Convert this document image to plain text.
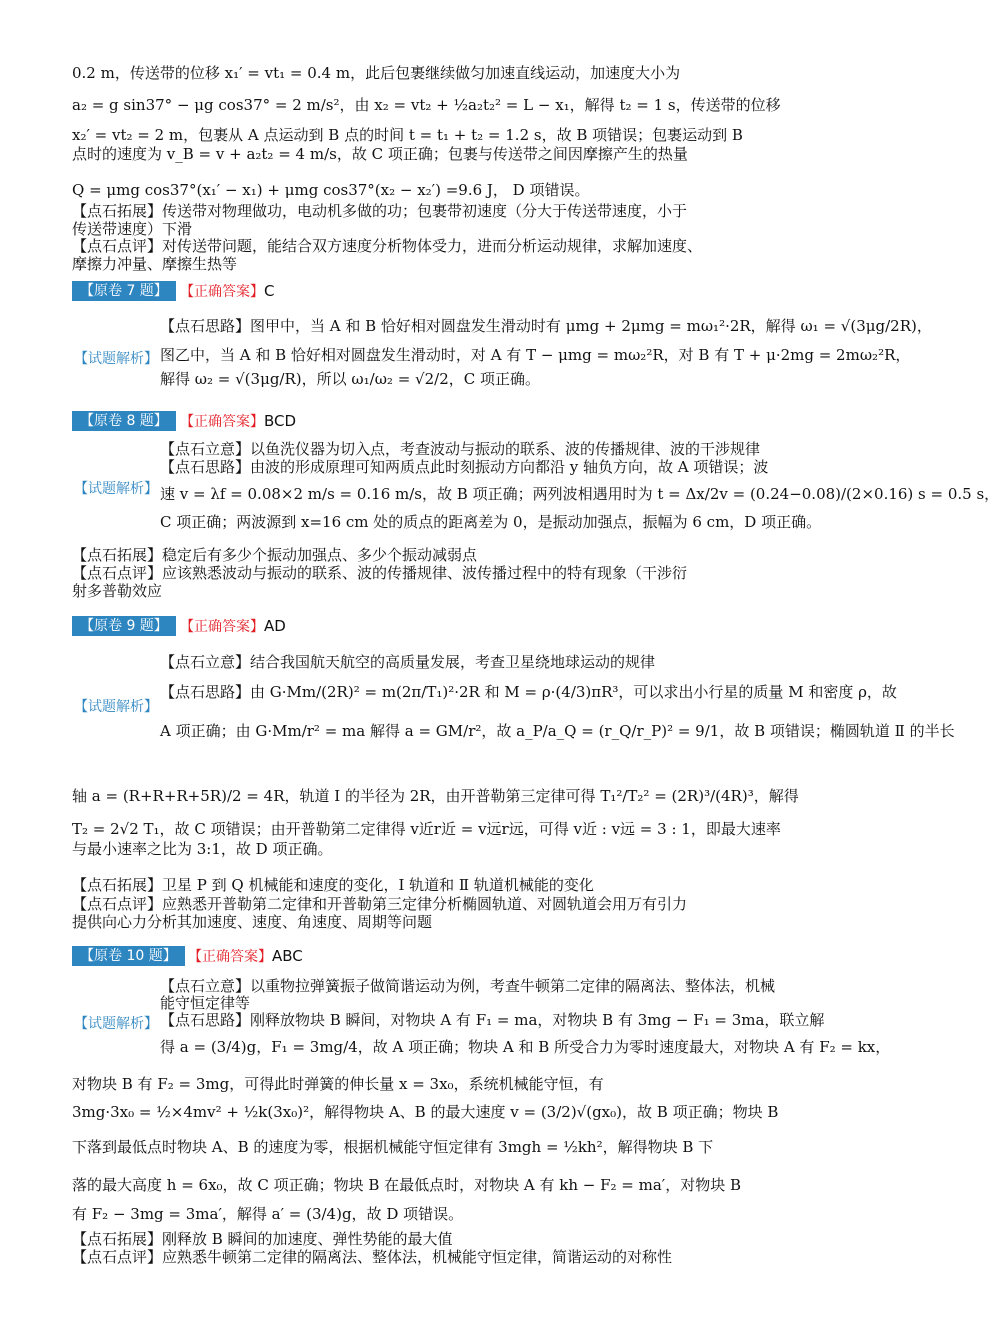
0.2 m，传送带的位移 x₁′ = vt₁ = 0.4 m，此后包裹继续做匀加速直线运动，加速度大小为
a₂ = g sin37° − μg cos37° = 2 m/s²，由 x₂ = vt₂ + ½a₂t₂² = L − x₁，解得 t₂ = 1 s，传送带的位移
x₂′ = vt₂ = 2 m，包裹从 A 点运动到 B 点的时间 t = t₁ + t₂ = 1.2 s，故 B 项错误；包裹运动到 B
点时的速度为 v_B = v + a₂t₂ = 4 m/s，故 C 项正确；包裹与传送带之间因摩擦产生的热量
Q = μmg cos37°(x₁′ − x₁) + μmg cos37°(x₂ − x₂′) =9.6 J， D 项错误。
【点石拓展】传送带对物理做功，电动机多做的功；包裹带初速度（分大于传送带速度，小于
传送带速度）下滑
【点石点评】对传送带问题，能结合双方速度分析物体受力，进而分析运动规律，求解加速度、
摩擦力冲量、摩擦生热等
【原卷 7 题】 【正确答案】C
【试题解析】
【点石思路】图甲中，当 A 和 B 恰好相对圆盘发生滑动时有 μmg + 2μmg = mω₁²·2R，解得 ω₁ = √(3μg/2R)，
图乙中，当 A 和 B 恰好相对圆盘发生滑动时，对 A 有 T − μmg = mω₂²R，对 B 有 T + μ·2mg = 2mω₂²R，
解得 ω₂ = √(3μg/R)，所以 ω₁/ω₂ = √2/2，C 项正确。
【原卷 8 题】 【正确答案】BCD
【试题解析】
【点石立意】以鱼洗仪器为切入点，考查波动与振动的联系、波的传播规律、波的干涉规律
【点石思路】由波的形成原理可知两质点此时刻振动方向都沿 y 轴负方向，故 A 项错误；波
速 v = λf = 0.08×2 m/s = 0.16 m/s，故 B 项正确；两列波相遇用时为 t = Δx/2v = (0.24−0.08)/(2×0.16) s = 0.5 s，
C 项正确；两波源到 x=16 cm 处的质点的距离差为 0，是振动加强点，振幅为 6 cm，D 项正确。
【点石拓展】稳定后有多少个振动加强点、多少个振动减弱点
【点石点评】应该熟悉波动与振动的联系、波的传播规律、波传播过程中的特有现象（干涉衍
射多普勒效应
【原卷 9 题】 【正确答案】AD
【试题解析】
【点石立意】结合我国航天航空的高质量发展，考查卫星绕地球运动的规律
【点石思路】由 G·Mm/(2R)² = m(2π/T₁)²·2R 和 M = ρ·(4/3)πR³，可以求出小行星的质量 M 和密度 ρ，故
A 项正确；由 G·Mm/r² = ma 解得 a = GM/r²，故 a_P/a_Q = (r_Q/r_P)² = 9/1，故 B 项错误；椭圆轨道 Ⅱ 的半长
轴 a = (R+R+R+5R)/2 = 4R，轨道 Ⅰ 的半径为 2R，由开普勒第三定律可得 T₁²/T₂² = (2R)³/(4R)³，解得
T₂ = 2√2 T₁，故 C 项错误；由开普勒第二定律得 v近r近 = v远r远，可得 v近 : v远 = 3 : 1，即最大速率
与最小速率之比为 3:1，故 D 项正确。
【点石拓展】卫星 P 到 Q 机械能和速度的变化，Ⅰ 轨道和 Ⅱ 轨道机械能的变化
【点石点评】应熟悉开普勒第二定律和开普勒第三定律分析椭圆轨道、对圆轨道会用万有引力
提供向心力分析其加速度、速度、角速度、周期等问题
【原卷 10 题】 【正确答案】ABC
【试题解析】
【点石立意】以重物拉弹簧振子做简谐运动为例，考查牛顿第二定律的隔离法、整体法，机械
能守恒定律等
【点石思路】刚释放物块 B 瞬间，对物块 A 有 F₁ = ma，对物块 B 有 3mg − F₁ = 3ma，联立解
得 a = (3/4)g，F₁ = 3mg/4，故 A 项正确；物块 A 和 B 所受合力为零时速度最大，对物块 A 有 F₂ = kx，
对物块 B 有 F₂ = 3mg，可得此时弹簧的伸长量 x = 3x₀，系统机械能守恒，有
3mg·3x₀ = ½×4mv² + ½k(3x₀)²，解得物块 A、B 的最大速度 v = (3/2)√(gx₀)，故 B 项正确；物块 B
下落到最低点时物块 A、B 的速度为零，根据机械能守恒定律有 3mgh = ½kh²，解得物块 B 下
落的最大高度 h = 6x₀，故 C 项正确；物块 B 在最低点时，对物块 A 有 kh − F₂ = ma′，对物块 B
有 F₂ − 3mg = 3ma′，解得 a′ = (3/4)g，故 D 项错误。
【点石拓展】刚释放 B 瞬间的加速度、弹性势能的最大值
【点石点评】应熟悉牛顿第二定律的隔离法、整体法，机械能守恒定律，简谐运动的对称性
